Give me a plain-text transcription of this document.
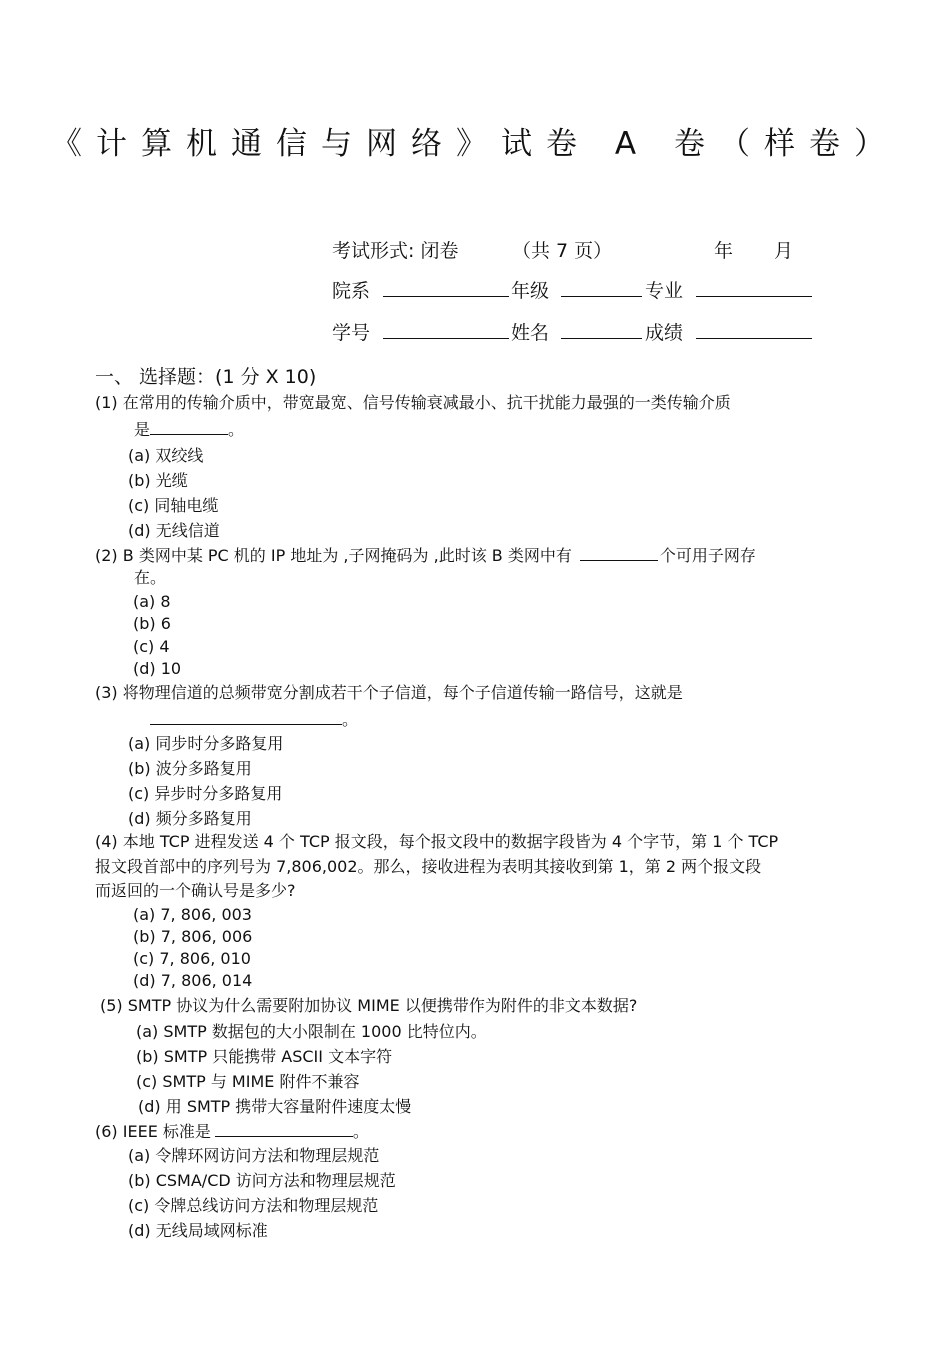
《计算机通信与网络》试卷 A 卷（样卷）
考试形式: 闭卷	（共 7 页）	年 月
院系	年级	专业
学号	姓名	成绩
一、 选择题：(1 分 X 10)
(1) 在常用的传输介质中，带宽最宽、信号传输衰减最小、抗干扰能力最强的一类传输介质
是	。
(a) 双绞线
(b) 光缆
(c) 同轴电缆
(d) 无线信道
(2) B 类网中某 PC 机的 IP 地址为 ,子网掩码为 ,此时该 B 类网中有	个可用子网存
在。
(a) 8
(b) 6
(c) 4
(d) 10
(3) 将物理信道的总频带宽分割成若干个子信道，每个子信道传输一路信号，这就是
。
(a) 同步时分多路复用
(b) 波分多路复用
(c) 异步时分多路复用
(d) 频分多路复用
(4) 本地 TCP 进程发送 4 个 TCP 报文段，每个报文段中的数据字段皆为 4 个字节，第 1 个 TCP
报文段首部中的序列号为 7,806,002。那么，接收进程为表明其接收到第 1，第 2 两个报文段
而返回的一个确认号是多少?
(a) 7, 806, 003
(b) 7, 806, 006
(c) 7, 806, 010
(d) 7, 806, 014
(5) SMTP 协议为什么需要附加协议 MIME 以便携带作为附件的非文本数据?
(a) SMTP 数据包的大小限制在 1000 比特位内。
(b) SMTP 只能携带 ASCII 文本字符
(c) SMTP 与 MIME 附件不兼容
(d) 用 SMTP 携带大容量附件速度太慢
(6) IEEE 标准是	。
(a) 令牌环网访问方法和物理层规范
(b) CSMA/CD 访问方法和物理层规范
(c) 令牌总线访问方法和物理层规范
(d) 无线局域网标准
